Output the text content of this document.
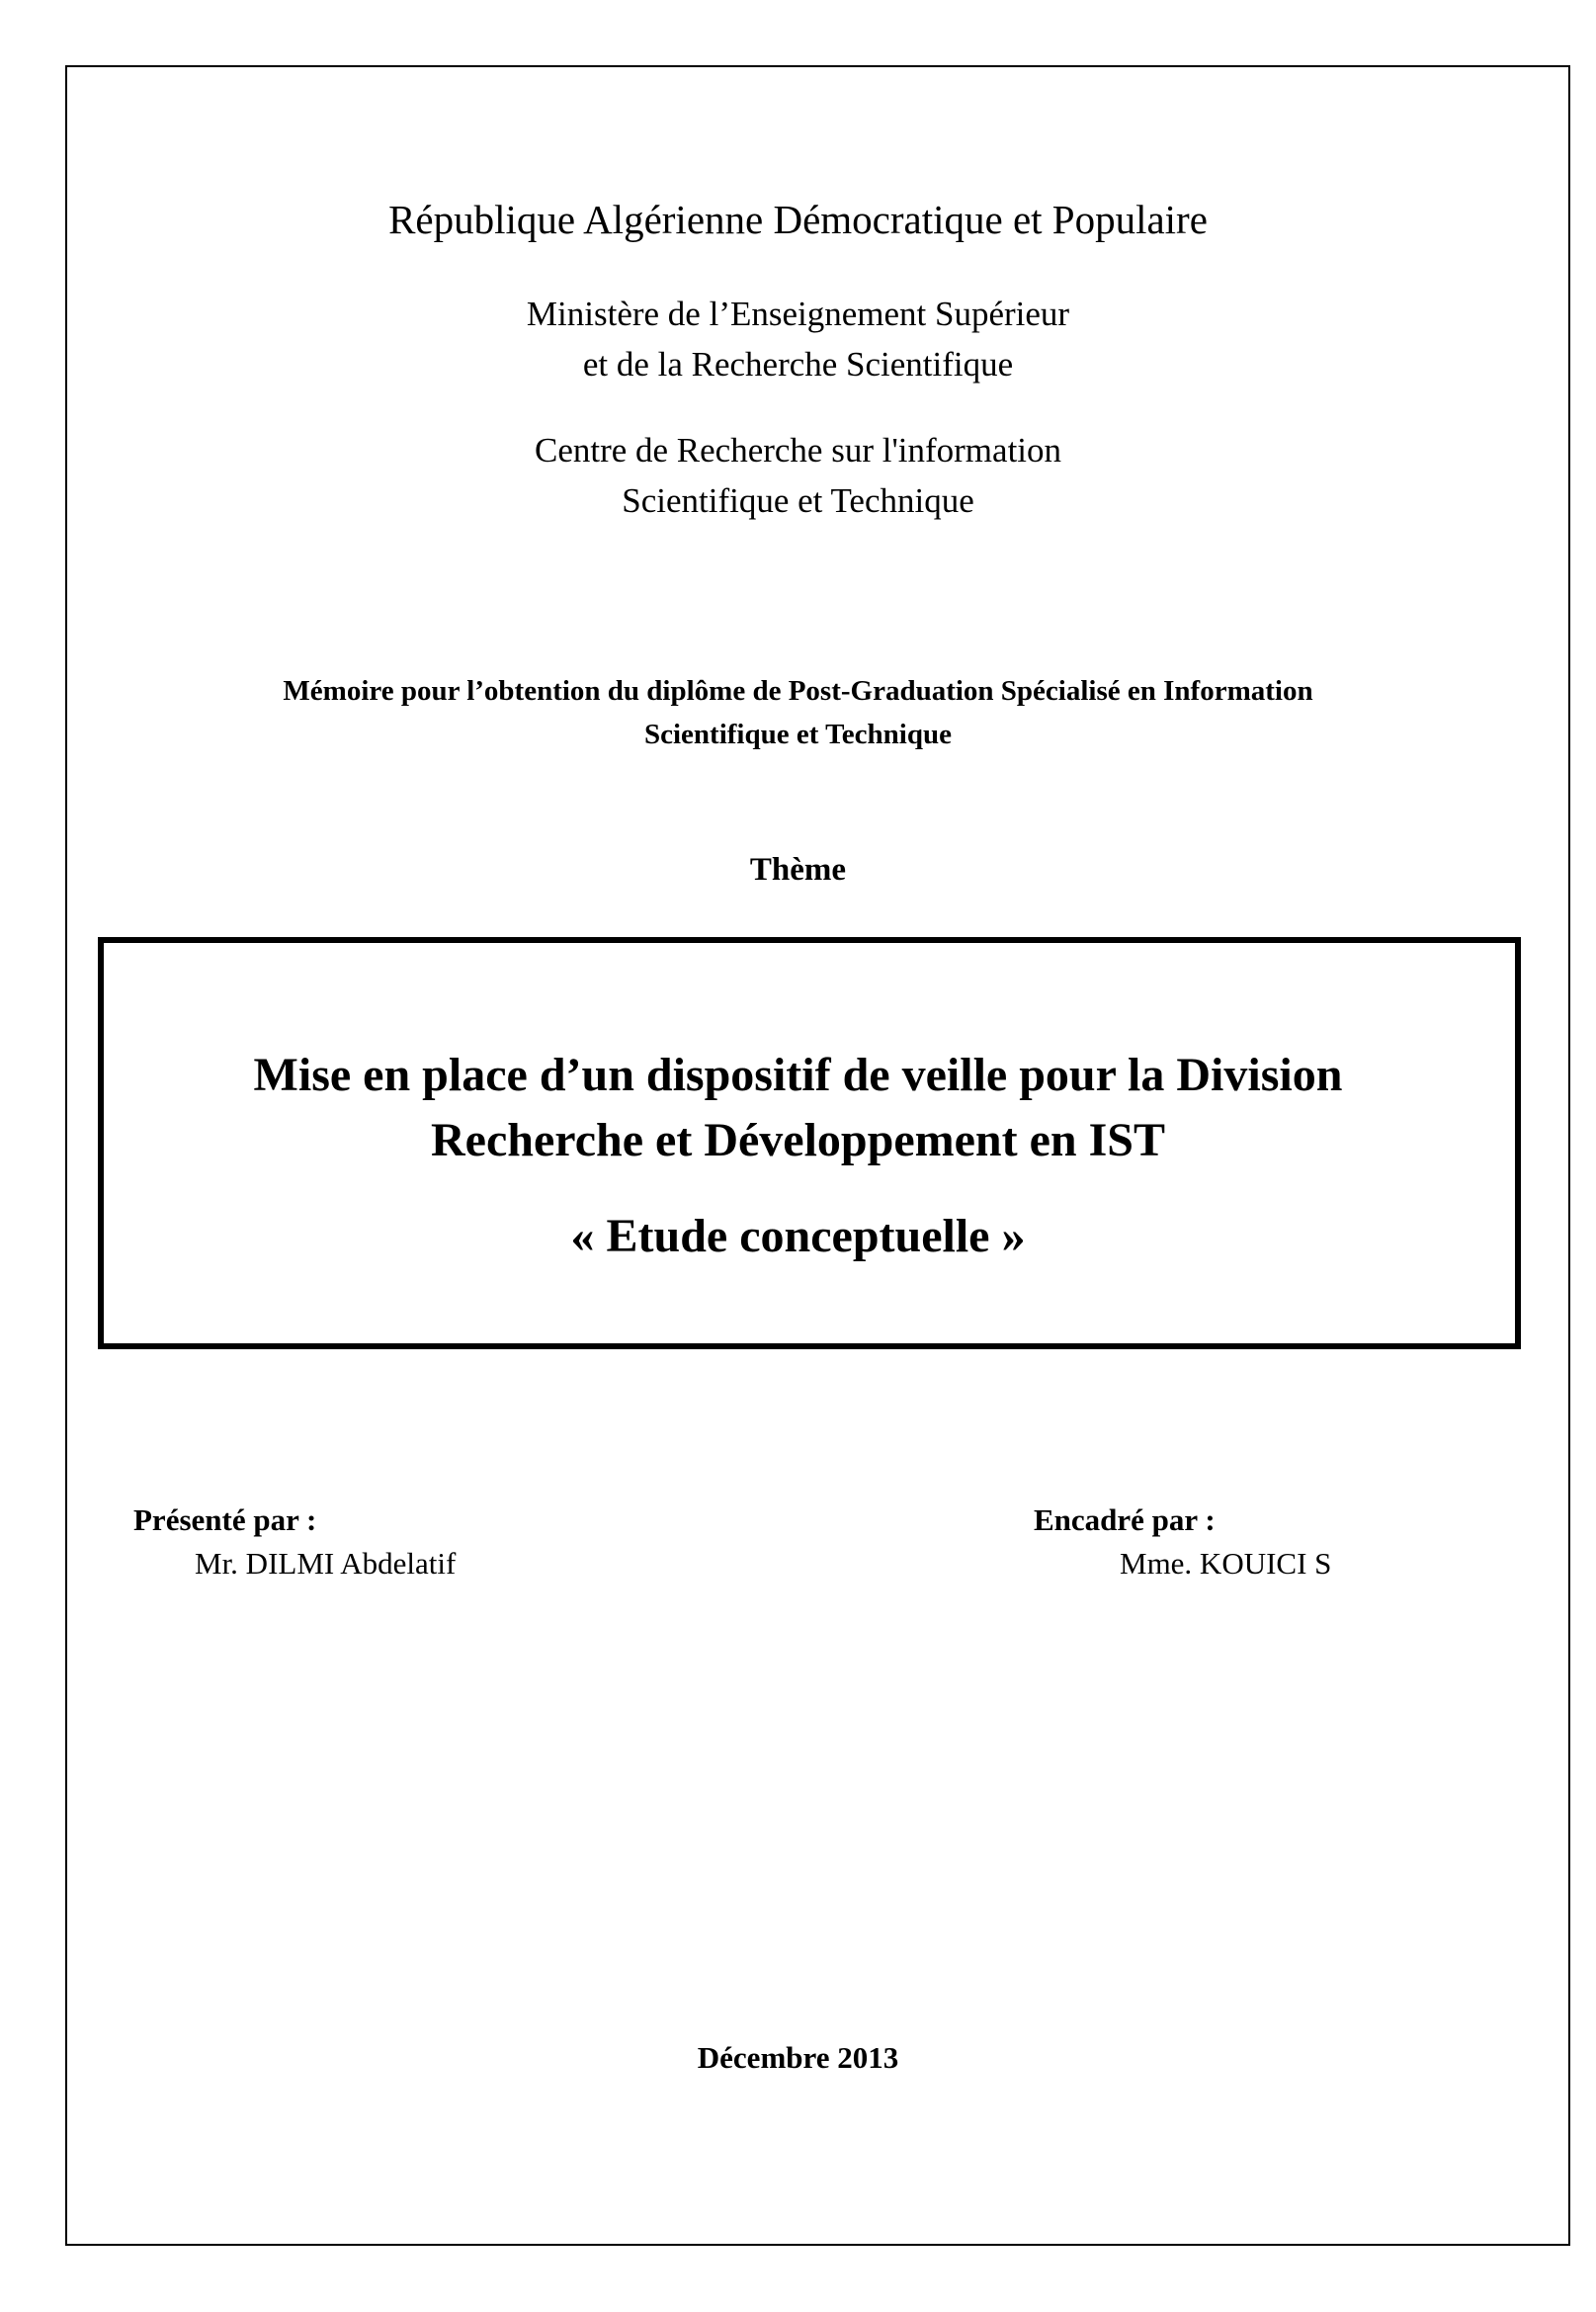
République Algérienne Démocratique et Populaire
Ministère de l’Enseignement Supérieur
et de la Recherche Scientifique
Centre de Recherche sur l'information
Scientifique et Technique
Mémoire pour l’obtention du diplôme de Post-Graduation Spécialisé en Information
Scientifique et Technique
Thème
Mise en place d’un dispositif de veille pour la Division
Recherche et Développement en IST
« Etude conceptuelle »
Présenté par :
Mr. DILMI Abdelatif
Encadré par :
Mme. KOUICI S
Décembre 2013
